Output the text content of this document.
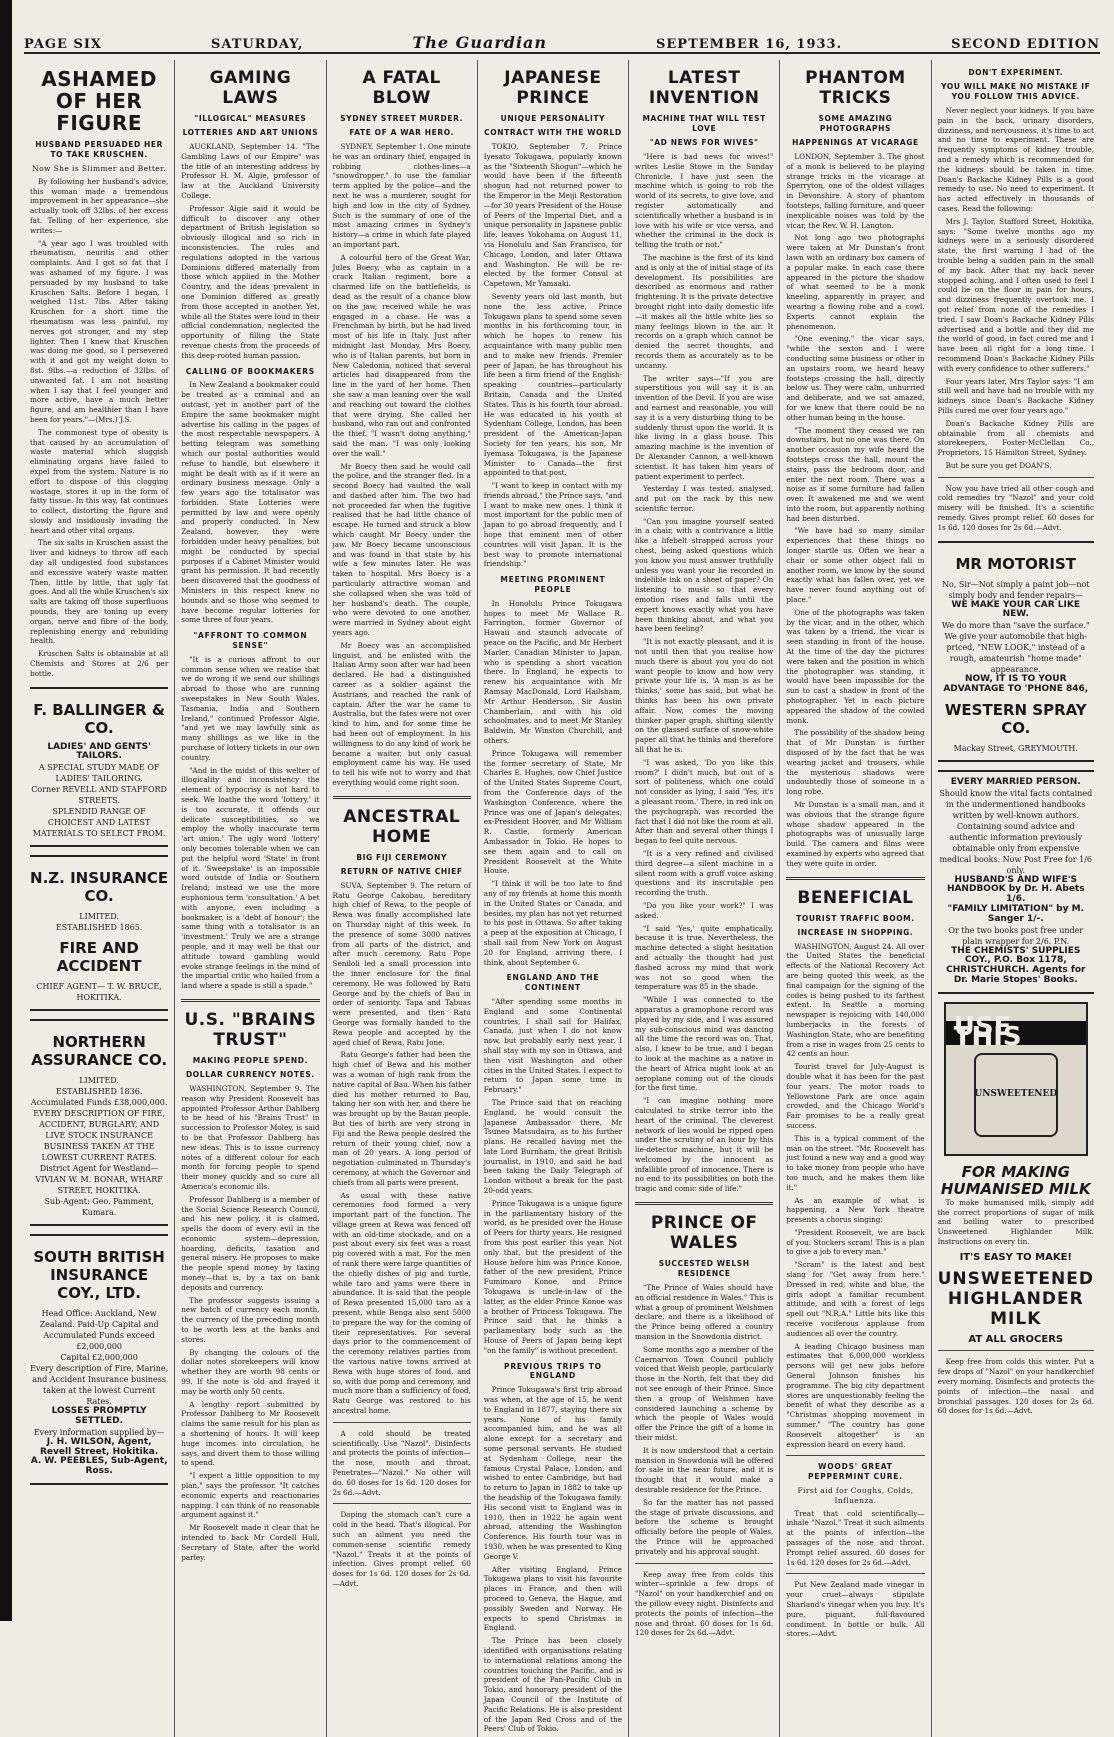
PAGE SIX	SATURDAY,	The Guardian	SEPTEMBER 16, 1933.	SECOND EDITION
ASHAMED OF HER FIGURE
HUSBAND PERSUADED HER TO TAKE KRUSCHEN.
Now She is Slimmer and Better.

By following her husband's advice, this woman made a tremendous improvement in her appearance—she actually took off 32lbs. of her excess fat. Telling of her experience, she writes:—

"A year ago I was troubled with rheumatism, neuritis and other complaints. And I got so fat that I was ashamed of my figure. I was persuaded by my husband to take Kruschen Salts. Before I began, I weighed 11st. 7lbs. After taking Kruschen for a short time the rheumatism was less painful, my nerves got stronger, and my step lighter. Then I knew that Kruschen was doing me good, so I persevered with it and got my weight down to 8st. 9lbs.—a reduction of 32lbs. of unwanted fat. I am not boasting when I say that I feel younger and more active, have a much better figure, and am healthier than I have been for years."—(Mrs.) J.S.

The commonest type of obesity is that caused by an accumulation of waste material which sluggish eliminating organs have failed to expel from the system. Nature is no effort to dispose of this clogging wastage, stores it up in the form of fatty tissue. In this way, fat continues to collect, distorting the figure and slowly and insidiously invading the heart and other vital organs.

The six salts in Kruschen assist the liver and kidneys to throw off each day all undigested food substances and excessive watery waste matter. Then, little by little, that ugly fat goes. And all the while Kruschen's six salts are taking off those superfluous pounds, they are toning up every organ, nerve and fibre of the body, replenishing energy and rebuilding health.

Kruschen Salts is obtainable at all Chemists and Stores at 2/6 per bottle.

F. BALLINGER & CO.
LADIES' AND GENTS' TAILORS.
A SPECIAL STUDY MADE OF LADIES' TAILORING.
Corner REVELL AND STAFFORD STREETS.
SPLENDID RANGE OF CHOICEST AND LATEST MATERIALS TO SELECT FROM.
N.Z. INSURANCE CO.
LIMITED.
ESTABLISHED 1865.
FIRE AND ACCIDENT
CHIEF AGENT— T. W. BRUCE, HOKITIKA.
NORTHERN ASSURANCE CO.
LIMITED.
ESTABLISHED 1836.
Accumulated Funds £38,000,000.
EVERY DESCRIPTION OF FIRE, ACCIDENT, BURGLARY, AND LIVE STOCK INSURANCE BUSINESS TAKEN AT THE LOWEST CURRENT RATES.
District Agent for Westland— VIVIAN W. M. BONAR, WHARF STREET, HOKITIKA.
Sub-Agent: Geo. Pamment, Kumara.
SOUTH BRITISH INSURANCE COY., LTD.
Head Office: Auckland, New Zealand. Paid-Up Capital and Accumulated Funds exceed £2,000,000
Capital £2,000,000
Every description of Fire, Marine, and Accident Insurance business taken at the lowest Current Rates.
LOSSES PROMPTLY SETTLED.
Every information supplied by—
J. H. WILSON, Agent, Revell Street, Hokitika.
A. W. PEEBLES, Sub-Agent, Ross.
GAMING LAWS
"ILLOGICAL" MEASURES
LOTTERIES AND ART UNIONS

AUCKLAND, September 14. "The Gambling Laws of our Empire" was the title of an interesting address by Professor H. M. Algie, professor of law at the Auckland University College.

Professor Algie said it would be difficult to discover any other department of British legislation so obviously illogical and so rich in inconsistencies. The rules and regulations adopted in the various Dominions differed materially from those which applied in the Mother Country, and the ideas prevalent in one Dominion differed as greatly from those accepted in another. Yet, while all the States were loud in their official condemnation, neglected the opportunity of filling the State revenue chests from the proceeds of this deep-rooted human passion.

CALLING OF BOOKMAKERS

In New Zealand a bookmaker could be treated as a criminal and an outcast, yet in another part of the Empire the same bookmaker might advertise his calling in the pages of the most respectable newspapers. A betting telegram was something which our postal authorities would refuse to handle, but elsewhere it might be dealt with as if it were an ordinary business message. Only a few years ago the totalisator was forbidden. State Lotteries were permitted by law and were openly and properly conducted. In New Zealand, however, they were forbidden under heavy penalties, but might be conducted by special purposes if a Cabinet Minister would grant his permission. It had recently been discovered that the goodness of Ministers in this respect knew no bounds and so those who seemed to have become regular lotteries for some three of four years.

"AFFRONT TO COMMON SENSE"

"It is a curious affront to our common sense when we realise that we do wrong if we send our shillings abroad to those who are running sweepstakes in New South Wales, Tasmania, India and Southern Ireland," continued Professor Algie, "and yet we may lawfully sink as many shillings as we like in the purchase of lottery tickets in our own country.

"And in the midst of this welter of illogicality and inconsistency the element of hypocrisy is not hard to seek. We loathe the word 'lottery,' it is too accurate, it offends our delicate susceptibilities, so we employ the wholly inaccurate term 'art union.' The ugly word 'lottery' only becomes tolerable when we can put the helpful word 'State' in front of it. 'Sweepstake' is an impossible word outside of India or Southern Ireland; instead we use the more euphonious term 'consultation.' A bet with anyone, even including a bookmaker, is a 'debt of honour'; the same thing with a totalisator is an 'investment.' Truly we are a strange people, and it may well be that our attitude toward gambling would evoke strange feelings in the mind of the impartial critic who hailed from a land where a spade is still a spade."

U.S. "BRAINS TRUST"
MAKING PEOPLE SPEND.
DOLLAR CURRENCY NOTES.

WASHINGTON, September 9. The reason why President Roosevelt has appointed Professor Arthur Dahlberg to be head of his "Brains Trust" in succession to Professor Moley, is said to be that Professor Dahlberg has new ideas. This is to issue currency notes of a different colour for each month for forcing people to spend their money quickly and so cure all America's economic ills.

Professor Dahlberg is a member of the Social Science Research Council, and his new policy, it is claimed, spells the doom of every evil in the economic system—depression, hoarding, deficits, taxation and general misery. He proposes to make the people spend money by taxing money—that is, by a tax on bank deposits and currency.

The professor suggests issuing a new batch of currency each month, the currency of the preceding month to be worth less at the banks and stores.

By changing the colours of the dollar notes storekeepers will know whether they are worth 98 cents or 99. If the note is old and frayed it may be worth only 50 cents.

A lengthy report submitted by Professor Dahlberg to Mr Roosevelt claims the same result for his plan as a shortening of hours. It will keep huge incomes into circulation, he says, and divert them to those willing to spend.

"I expect a little opposition to my plan," says the professor. "It catches economic experts and reactionaries napping. I can think of no reasonable argument against it."

Mr Roosevelt made it clear that he intended to back Mr Cordell Hull, Secretary of State, after the world parley.

A FATAL BLOW
SYDNEY STREET MURDER.
FATE OF A WAR HERO.

SYDNEY, September 1. One minute he was an ordinary thief, engaged in robbing clothes-lines—a "snowdropper," to use the familiar term applied by the police—and the next he was a murderer, sought for high and low in the city of Sydney. Such is the summary of one of the most amazing crimes in Sydney's history—a crime in which fate played an important part.

A colourful hero of the Great War, Jules Boecy, who as captain in a crack Italian regiment, bore a charmed life on the battlefields, is dead as the result of a chance blow on the jaw, received while he was engaged in a chase. He was a Frenchman by birth, but he had lived most of his life in Italy. Just after midnight last Monday, Mrs Boecy, who is of Italian parents, but born in New Caledonia, noticed that several articles had disappeared from the line in the yard of her home. Then she saw a man leaning over the wall and reaching out toward the clothes that were drying. She called her husband, who ran out and confronted the thief. "I wasn't doing anything," said the man. "I was only looking over the wall."

Mr Boecy then said he would call the police, and the stranger fled. In a second Boecy had vaulted the wall and dashed after him. The two had not proceeded far when the fugitive realised that he had little chance of escape. He turned and struck a blow which caught Mr Boecy under the jaw. Mr Boecy became unconscious and was found in that state by his wife a few minutes later. He was taken to hospital. Mrs Boecy is a particularly attractive woman and she collapsed when she was told of her husband's death. The couple, who were devoted to one another, were married in Sydney about eight years ago.

Mr Boecy was an accomplished linguist, and he enlisted with the Italian Army soon after war had been declared. He had a distinguished career as a soldier against the Austrians, and reached the rank of captain. After the war he came to Australia, but the fates were not over kind to him, and for some time he had been out of employment. In his willingness to do any kind of work he became a waiter, but only casual employment came his way. He used to tell his wife not to worry and that everything would come right soon.

ANCESTRAL HOME
BIG FIJI CEREMONY
RETURN OF NATIVE CHIEF

SUVA, September 9. The return of Ratu George Cakobau, hereditary high chief of Rewa, to the people of Rewa was finally accomplished late on Thursday night of this week. In the presence of some 3000 natives from all parts of the district, and after much ceremony, Ratu Pope Seniloli led a small procession into the inner enclosure for the final ceremony. He was followed by Ratu George and by the chiefs of Bau in order of seniority. Tapa and Tabuas were presented, and then Ratu George was formally handed to the Rewa people and accepted by the aged chief of Rewa, Ratu Jone.

Ratu George's father had been the high chief of Bewa and his mother was a woman of high rank from the native capital of Bau. When his father died his mother returned to Bau, taking her son with her, and there he was brought up by the Bauan people. But ties of birth are very strong in Fiji and the Rewa people desired the return of their young chief, now a man of 20 years. A long period of negotiation culminated in Thursday's ceremony, at which the Governor and chiefs from all parts were present.

As usual with these native ceremonies food formed a very important part of the function. The village green at Rewa was fenced off with an old-time stockade, and on a post about every six feet was a roast pig covered with a mat. For the men of rank there were large quantities of the chiefly dishes of pig and turtle, while taro and yams were there in abundance. It is said that the people of Rewa presented 15,000 taro as a present, while Benga also sent 5000 to prepare the way for the coming of their representatives. For several days prior to the commencement of the ceremony relatives parties from the various native towns arrived at Rewa with huge stores of food, and so, with due pomp and ceremony, and much more than a sufficiency of food, Ratu George was restored to his ancestral home.

A cold should be treated scientifically. Use "Nazol". Disinfects and protects the points of infection—the nose, mouth and throat. Penetrates—"Nazol." No other will do. 60 doses for 1s 6d. 120 doses for 2s 6d.—Advt.

Doping the stomach can't cure a cold in the head. That's illogical. For such an ailment you need the common-sense scientific remedy "Nazol." Treats it at the points of infection. Gives prompt relief. 60 doses for 1s 6d. 120 doses for 2s 6d.—Advt.

JAPANESE PRINCE
UNIQUE PERSONALITY
CONTRACT WITH THE WORLD

TOKIO, September 7. Prince Iyesato Tokugawa, popularly known as the "Sixteenth Shogun"—which he would have been if the fifteenth shogun had not returned power to the Emperor in the Meiji Restoration—for 30 years President of the House of Peers of the Imperial Diet, and a unique personality in Japanese public life, leaves Yokohama on August 11, via Honolulu and San Francisco, for Chicago, London, and later Ottawa and Washington. He will be re-elected by the former Consul at Capetown, Mr Yamaaki.

Seventy years old last month, but none the less active, Prince Tokugawa plans to spend some seven months in his forthcoming tour, in which he hopes to renew his acquaintance with many public men and to make new friends. Premier peer of Japan, he has throughout his life been a firm friend of the English-speaking countries—particularly Britain, Canada and the United States. This is his fourth tour abroad. He was educated in his youth at Sydenham College, London, has been president of the American-Japan Society for ten years, his son, Mr Iyemasa Tokugawa, is the Japanese Minister to Canada—the first appointed to that post.

"I want to keep in contact with my friends abroad," the Prince says, "and I want to make new ones. I think it most important for the public men of Japan to go abroad frequently, and I hope that eminent men of other countries will visit Japan. It is the best way to promote international friendship."

MEETING PROMINENT PEOPLE

In Honolulu Prince Tokugawa hopes to meet Mr Wallace R. Farrington, former Governor of Hawaii and staunch advocate of peace on the Pacific, and Mr Herbert Marler, Canadian Minister to Japan, who is spending a short vacation there. In England, he expects to renew his acquaintance with Mr Ramsay MacDonald, Lord Hailsham, Mr Arthur Henderson, Sir Austin Chamberlain, and with his old schoolmates, and to meet Mr Stanley Baldwin, Mr Winston Churchill, and others.

Prince Tokugawa will remember the former secretary of State, Mr Charles E. Hughes, now Chief Justice of the United States Supreme Court, from the Conference days of the Washington Conference, where the Prince was one of Japan's delegates; ex-President Hoover, and Mr William R. Castle, formerly American Ambassador in Tokio. He hopes to see them again and to call on President Roosevelt at the White House.

"I think it will be too late to find any of my friends at home this month in the United States or Canada, and besides, my plan has not yet returned to his post in Ottawa. So after taking a peep at the exposition at Chicago, I shall sail from New York on August 20 for England, arriving there, I think, about September 6.

ENGLAND AND THE CONTINENT

"After spending some months in England and some Continental countries, I shall sail for Halifax, Canada, just when I do not know now, but probably early next year. I shall stay with my son in Ottawa, and then visit Washington and other cities in the United States. I expect to return to Japan some time in February."

The Prince said that on reaching England, he would consult the Japanese Ambassador there, Mr Tsuneo Matsudaira, as to his further plans. He recalled having met the late Lord Burnham, the great British journalist, in 1910, and said he had been taking the Daily Telegraph of London without a break for the past 20-odd years.

Prince Tokugawa is a unique figure in the parliamentary history of the world, as he presided over the House of Peers for thirty years. He resigned from this post earlier this year. Not only that, but the president of the House before him was Prince Konoe, father of the new president, Prince Fumimaro Konoe, and Prince Tokugawa is uncle-in-law of the latter, as the elder Prince Konoe was a brother of Princess Tokugawa. The Prince said that he thinks a parliamentary body such as the House of Peers of Japan being kept "on the family" is without precedent.

PREVIOUS TRIPS TO ENGLAND

Prince Tokugawa's first trip abroad was when, at the age of 15, he went to England in 1877, staying there six years. None of his family accompanied him, and he was all alone except for a secretary and some personal servants. He studied at Sydenham College, near the famous Crystal Palace, London, and wished to enter Cambridge, but had to return to Japan in 1882 to take up the headship of the Tokugawa family. His second visit to England was in 1910, then in 1922 he again went abroad, attending the Washington Conference. His fourth tour was in 1930, when he was presented to King George V.

After visiting England, Prince Tokugawa plans to visit his favourite places in France, and then will proceed to Geneva, the Hague, and possibly Sweden and Norway. He expects to spend Christmas in England.

The Prince has been closely identified with organisations relating to international relations among the countries touching the Pacific, and is president of the Pan-Pacific Club in Tokio, and honorary president of the Japan Council of the Institute of Pacific Relations. He is also president of the Japan Red Cross and of the Peers' Club of Tokio.

LATEST INVENTION
MACHINE THAT WILL TEST LOVE
"AD NEWS FOR WIVES"

"Here is bad news for wives!" writes Leslie Stowe in the Sunday Chronicle. I have just seen the machine which is going to rob the world of its secrets, to give love, and register automatically and scientifically whether a husband is in love with his wife or vice versa, and whether the criminal in the dock is telling the truth or not."

The machine is the first of its kind and is only at the of initial stage of its development. Its possibilities are described as enormous and rather frightening. It is the private detective brought right into daily domestic life—it makes all the little white lies so many feelings blown in the air. It records on a graph which cannot be denied the secret thoughts, and records them as accurately as to be uncanny.

The writer says—"If you are superstitious you will say it is an invention of the Devil. If you are wise and earnest and reasonable, you will say it is a very disturbing thing to be suddenly thrust upon the world. It is like living in a glass house. This amazing machine is the invention of Dr Alexander Cannon, a well-known scientist. It has taken him years of patient experiment to perfect.

Yesterday I was tested, analysed, and put on the rack by this new scientific terror.

"Can you imagine yourself seated in a chair, with a contrivance a little like a lifebelt strapped across your chest, being asked questions which you know you must answer truthfully unless you want your lie recorded in indelible ink on a sheet of paper? On listening to music so that every emotion rises and falls until the expert knows exactly what you have been thinking about, and what you have been feeling?

"It is not exactly pleasant, and it is not until then that you realise how much there is about you you do not want people to know and how very private your life is. 'A man is as he thinks,' some has said, but what he thinks has been his own private affair. Now, comes the moving thinker paper graph, shifting silently on the glassed surface of snow-white paper all that he thinks and therefore all that he is.

"I was asked, 'Do you like this room?' I didn't much, but out of a sort of politeness, which one could not consider as lying, I said 'Yes, it's a pleasant room.' There, in red ink on the psychograph, was recorded the fact that I did not like the room at all. After than and several other things I began to feel quite nervous.

"It is a very refined and civilised third degree—a silent machine in a silent room with a gruff voice asking questions and its inscrutable pen recording the truth.

"Do you like your work?" I was asked.

"I said 'Yes,' quite emphatically, because it is true. Nevertheless, the machine detected a slight hesitation and actually the thought had just flashed across my mind that work was not so good when the temperature was 85 in the shade.

"While I was connected to the apparatus a gramophone record was played by my side, and I was assured my sub-conscious mind was dancing all the time the record was on. That, also, I knew to be true, and I began to look at the machine as a native in the heart of Africa might look at an aeroplane coming out of the clouds for the first time.

"I can imagine nothing more calculated to strike terror into the heart of the criminal. The cleverest network of lies would be ripped open under the scrutiny of an hour by this lie-detector machine, but it will be welcomed by the innocent as infallible proof of innocence. There is no end to its possibilities on both the tragic and comic side of life."

PRINCE OF WALES
SUCCESTED WELSH RESIDENCE

"The Prince of Wales should have an official residence in Wales." This is what a group of prominent Welshmen declare, and there is a likelihood of the Prince being offered a country mansion in the Snowdonia district.

Some months ago a member of the Caernarvon Town Council publicly voiced that Welsh people, particularly those in the North, felt that they did not see enough of their Prince. Since then a group of Welshmen have considered launching a scheme by which the people of Wales would offer the Prince the gift of a home in their midst.

It is now understood that a certain mansion in Snowdonia will be offered for sale in the near future, and it is thought that it would make a desirable residence for the Prince.

So far the matter has not passed the stage of private discussions, and before the scheme is brought officially before the people of Wales, the Prince will be approached privately and his approval sought.

Keep away free from colds this winter—sprinkle a few drops of "Nazol" on your handkerchief and on the pillow every night. Disinfects and protects the points of infection—the nose and throat. 60 doses for 1s 6d. 120 doses for 2s 6d.—Advt.

PHANTOM TRICKS
SOME AMAZING PHOTOGRAPHS
HAPPENINGS AT VICARAGE

LONDON, September 3. The ghost of a monk is believed to be playing strange tricks in the vicarage at Sperryton, one of the oldest villages in Devonshire. A story of phantom footsteps, falling furniture, and queer inexplicable noises was told by the vicar, the Rev. W. H. Langton.

Not long ago two photographs were taken at Mr Dunstan's front lawn with an ordinary box camera of a popular make. In each case there appeared in the picture the shadow of what seemed to be a monk kneeling, apparently in prayer, and wearing a flowing robe and a cowl. Experts cannot explain the phenomenon.

"One evening," the vicar says, "while the sexton and I were conducting some business or other in an upstairs room, we heard heavy footsteps crossing the hall, directly below us. They were calm, unhurried and deliberate, and we sat amazed, for we knew that there could be no other human being in the house.

"The moment they ceased we ran downstairs, but no one was there. On another occasion my wife heard the footsteps cross the hall, mount the stairs, pass the bedroom door, and enter the next room. There was a noise as if some furniture had fallen over. It awakened me and we went into the room, but apparently nothing had been disturbed.

"We have had so many similar experiences that these things no longer startle us. Often we hear a chair or some other object fall in another room, we know by the sound exactly what has fallen over, yet we have never found anything out of place."

One of the photographs was taken by the vicar, and in the other, which was taken by a friend, the vicar is seen standing in front of the house. At the time of the day the pictures were taken and the position in which the photographer was standing, it would have been impossible for the sun to cast a shadow in front of the photographer. Yet in each picture appeared the shadow of the cowled monk.

The possibility of the shadow being that of Mr Dunstan is further disposed of by the fact that he was wearing jacket and trousers, while the mysterious shadows were undoubtedly those of someone in a long robe.

Mr Dunstan is a small man, and it was obvious that the strange figure whose shadow appeared in the photographs was of unusually large build. The camera and films were examined by experts who agreed that they were quite in order.

BENEFICIAL
TOURIST TRAFFIC BOOM.
INCREASE IN SHOPPING.

WASHINGTON, August 24. All over the United States the beneficial effects of the National Recovery Act are being quoted this week, as the final campaign for the signing of the codes is being pushed to its farthest extent. In Seattle a morning newspaper is rejoicing with 140,000 lumberjacks in the forests of Washington State, who are benefiting from a rise in wages from 25 cents to 42 cents an hour.

Tourist travel for July-August is double what it has been for the past four years. The motor roads to Yellowstone Park are once again crowded, and the Chicago World's Fair promises to be a really great success.

This is a typical comment of the man on the street. "Mr. Roosevelt has just found a new way and a good way to take money from people who have too much, and he makes them like it."

As an example of what is happening, a New York theatre presents a chorus singing:

"President Roosevelt, we are back of you. Stockers scram! This is a plan to give a job to every man."

"Scram" is the latest and best slang for "Get away from here." Dressed in red, white and blue, the girls adopt a familiar recumbent attitude, and with a forest of legs spell out "N.R.A." Little bits like this receive vociferous applause from audiences all over the country.

A leading Chicago business man estimates that 6,000,000 workless persons will get new jobs before General Johnson finishes his programme. The big city department stores are unquestionably feeling the benefit of what they describe as a "Christmas shopping movement in summer." "The country has gone Roosevelt altogether" is an expression heard on every hand.

WOODS' GREAT PEPPERMINT CURE.
First aid for Coughs, Colds, Influenza.

Treat that cold scientifically—inhale "Nazol." Treat it such ailments at the points of infection—the passages of the nose and throat. Prompt relief assured. 60 doses for 1s 6d. 120 doses for 2s 6d.—Advt.

Put New Zealand made vinegar in your cruet—always stipulate Sharland's vinegar when you buy. It's pure, piquant, full-flavoured condiment. In bottle or bulk. All stores.—Advt.

DON'T EXPERIMENT.
YOU WILL MAKE NO MISTAKE IF YOU FOLLOW THIS ADVICE.

Never neglect your kidneys. If you have pain in the back, urinary disorders, dizziness, and nervousness, it's time to act and no time to experiment. These are frequently symptoms of kidney trouble, and a remedy which is recommended for the kidneys should be taken in time. Doan's Backache Kidney Pills is a good remedy to use. No need to experiment. It has acted effectively in thousands of cases. Read the following:

Mrs J. Taylor, Stafford Street, Hokitika, says: "Some twelve months ago my kidneys were in a seriously disordered state, the first warning I had of the trouble being a sudden pain in the small of my back. After that my back never stopped aching, and I often used to feel I could lie on the floor in pain for hours, and dizziness frequently overtook me. I got relief from none of the remedies I tried. I saw Doan's Backache Kidney Pills advertised and a bottle and they did me the world of good, in fact cured me and I have been all right for a long time. I recommend Doan's Backache Kidney Pills with every confidence to other sufferers."

Four years later, Mrs Taylor says: "I am still well and have had no trouble with my kidneys since Doan's Backache Kidney Pills cured me over four years ago."

Doan's Backache Kidney Pills are obtainable from all chemists and storekeepers, Foster-McClellan Co., Proprietors, 15 Hamilton Street, Sydney.

But be sure you get DOAN'S.

Now you have tried all other cough and cold remedies try "Nazol" and your cold misery will be finished. It's a scientific remedy. Gives prompt relief. 60 doses for 1s 6d. 120 doses for 2s 6d.—Advt.

MR MOTORIST
No, Sir—Not simply a paint job—not simply body and fender repairs—
WE MAKE YOUR CAR LIKE NEW.
We do more than "save the surface." We give your automobile that high-priced, "NEW LOOK," instead of a rough, amateurish "home made" appearance.
NOW, IT IS TO YOUR ADVANTAGE TO 'PHONE 846,
WESTERN SPRAY CO.
Mackay Street, GREYMOUTH.
EVERY MARRIED PERSON.
Should know the vital facts contained in the undermentioned handbooks written by well-known authors. Containing sound advice and authentic information previously obtainable only from expensive medical books. Now Post Free for 1/6 only.
HUSBAND'S AND WIFE'S HANDBOOK by Dr. H. Abets 1/6.
"FAMILY LIMITATION" by M. Sanger 1/-.
Or the two books post free under plain wrapper for 2/6. P.N.
THE CHEMISTS' SUPPLIES COY., P.O. Box 1178, CHRISTCHURCH. Agents for Dr. Marie Stopes' Books.
USE THIS
UNSWEETENED
FOR MAKING HUMANISED MILK

To make humanised milk, simply add the correct proportions of sugar of milk and boiling water to prescribed Unsweetened Highlander Milk. Instructions on every tin.

IT'S EASY TO MAKE!
UNSWEETENED HIGHLANDER MILK
AT ALL GROCERS

Keep free from colds this winter. Put a few drops of "Nazol" on your handkerchief every morning. Disinfects and protects the points of infection—the nasal and bronchial passages. 120 doses for 2s 6d. 60 doses for 1s 6d.—Advt.
